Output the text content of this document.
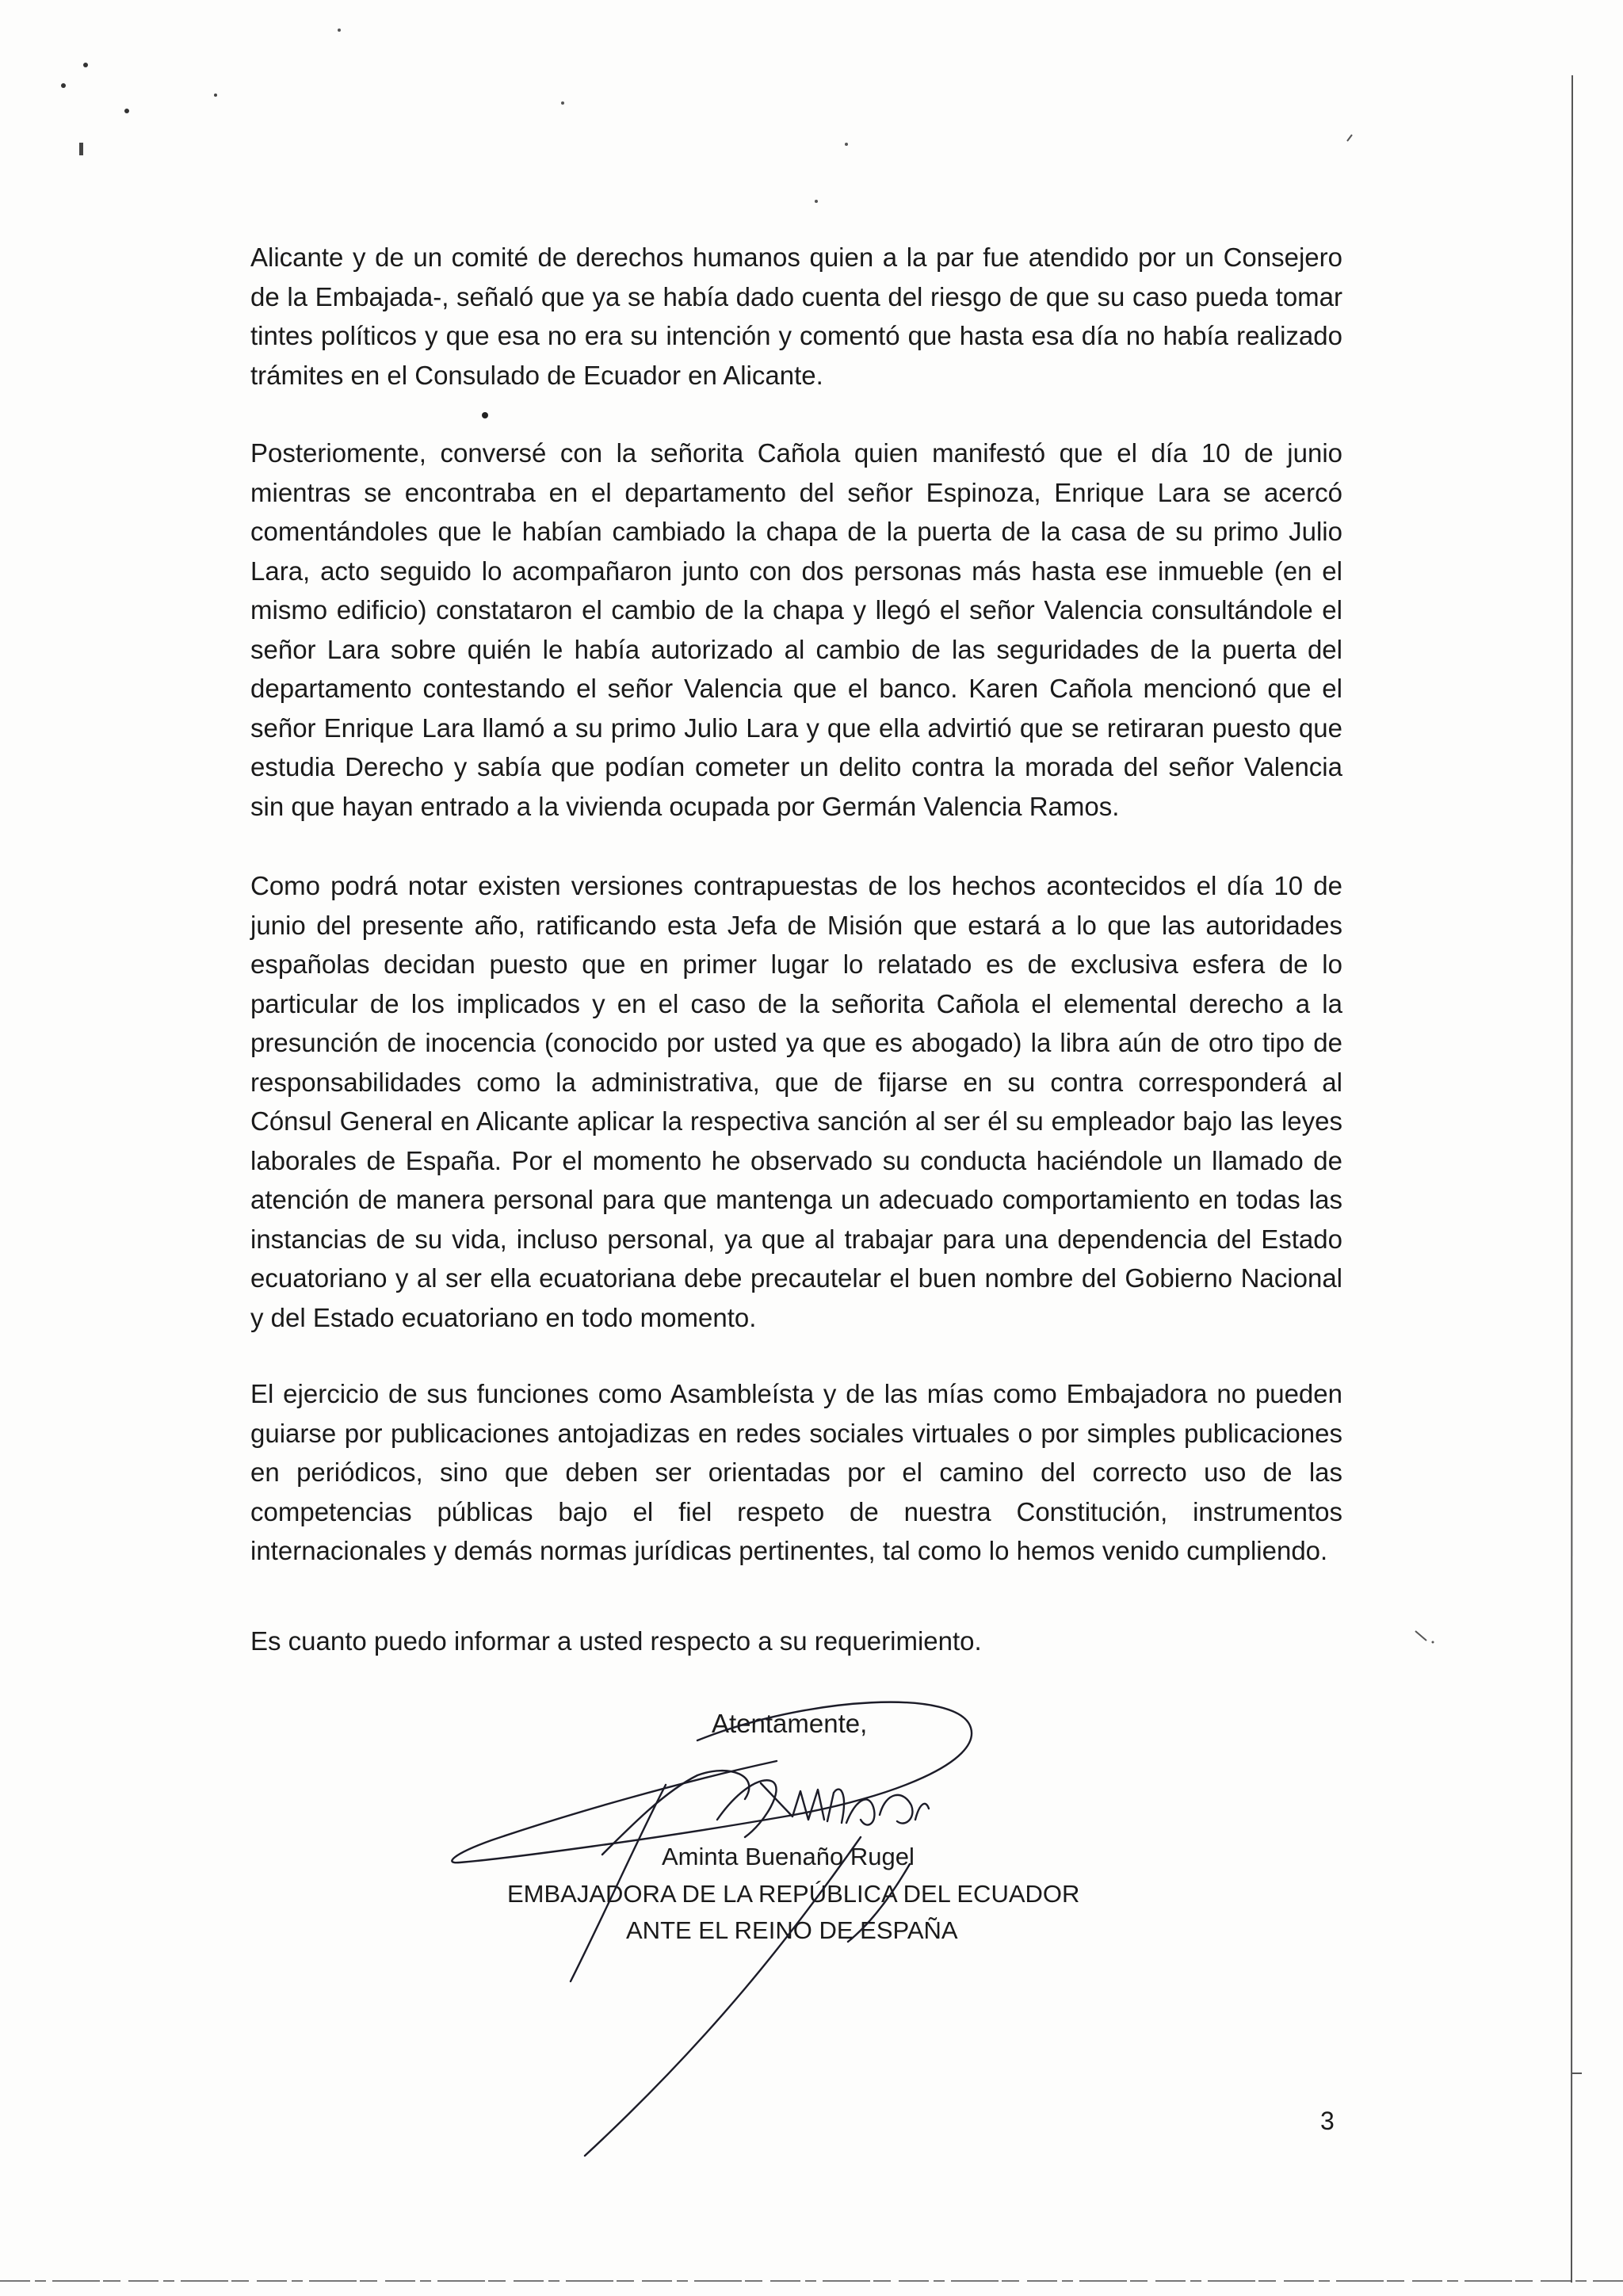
Alicante y de un comité de derechos humanos quien a la par fue atendido por un Consejero de la Embajada-, señaló que ya se había dado cuenta del riesgo de que su caso pueda tomar tintes políticos y que esa no era su intención y comentó que hasta esa día no había realizado trámites en el Consulado de Ecuador en Alicante.

Posteriomente, conversé con la señorita Cañola quien manifestó que el día 10 de junio mientras se encontraba en el departamento del señor Espinoza, Enrique Lara se acercó comentándoles que le habían cambiado la chapa de la puerta de la casa de su primo Julio Lara, acto seguido lo acompañaron junto con dos personas más hasta ese inmueble (en el mismo edificio) constataron el cambio de la chapa y llegó el señor Valencia consultándole el señor Lara sobre quién le había autorizado al cambio de las seguridades de la puerta del departamento contestando el señor Valencia que el banco. Karen Cañola mencionó que el señor Enrique Lara llamó a su primo Julio Lara y que ella advirtió que se retiraran puesto que estudia Derecho y sabía que podían cometer un delito contra la morada del señor Valencia sin que hayan entrado a la vivienda ocupada por Germán Valencia Ramos.

Como podrá notar existen versiones contrapuestas de los hechos acontecidos el día 10 de junio del presente año, ratificando esta Jefa de Misión que estará a lo que las autoridades españolas decidan puesto que en primer lugar lo relatado es de exclusiva esfera de lo particular de los implicados y en el caso de la señorita Cañola el elemental derecho a la presunción de inocencia (conocido por usted ya que es abogado) la libra aún de otro tipo de responsabilidades como la administrativa, que de fijarse en su contra corresponderá al Cónsul General en Alicante aplicar la respectiva sanción al ser él su empleador bajo las leyes laborales de España. Por el momento he observado su conducta haciéndole un llamado de atención de manera personal para que mantenga un adecuado comportamiento en todas las instancias de su vida, incluso personal, ya que al trabajar para una dependencia del Estado ecuatoriano y al ser ella ecuatoriana debe precautelar el buen nombre del Gobierno Nacional y del Estado ecuatoriano en todo momento.

El ejercicio de sus funciones como Asambleísta y de las mías como Embajadora no pueden guiarse por publicaciones antojadizas en redes sociales virtuales o por simples publicaciones en periódicos, sino que deben ser orientadas por el camino del correcto uso de las competencias públicas bajo el fiel respeto de nuestra Constitución, instrumentos internacionales y demás normas jurídicas pertinentes, tal como lo hemos venido cumpliendo.

Es cuanto puedo informar a usted respecto a su requerimiento.

Atentamente,
Aminta Buenaño Rugel
EMBAJADORA DE LA REPÚBLICA DEL ECUADOR
ANTE EL REINO DE ESPAÑA
3
